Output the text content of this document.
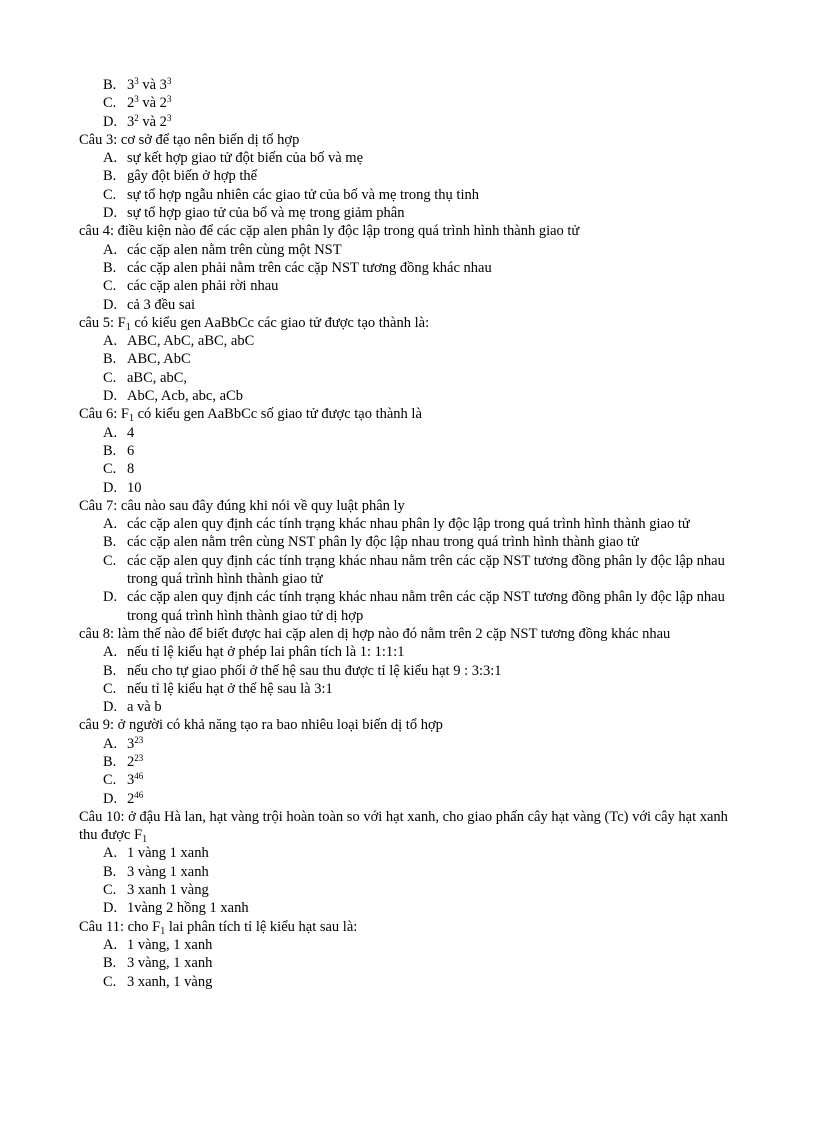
B. $3^3$ và $3^3$
C. $2^3$ và $2^3$
D. $3^2$ và $2^3$
Câu 3: cơ sở để tạo nên biến dị tổ hợp
A. sự kết hợp giao tử đột biến của bố và mẹ
B. gây đột biến ở hợp thể
C. sự tổ hợp ngẫu nhiên các giao tử của bố và mẹ trong thụ tinh
D. sự tổ hợp giao tử của bố và mẹ trong giảm phân
câu 4: điều kiện nào để các cặp alen phân ly độc lập trong quá trình hình thành giao tử
A. các cặp alen nằm trên cùng một NST
B. các cặp alen phải nằm trên các cặp NST tương đồng khác nhau
C. các cặp alen phải rời nhau
D. cả 3 đều sai
câu 5: $F_1$ có kiểu gen AaBbCc các giao tử được tạo thành là:
A. ABC, AbC, aBC, abC
B. ABC, AbC
C. aBC, abC,
D. AbC, Acb, abc, aCb
Câu 6: $F_1$ có kiểu gen AaBbCc số giao tử được tạo thành là
A. 4
B. 6
C. 8
D. 10
Câu 7: câu nào sau đây đúng khi nói về quy luật phân ly
A. các cặp alen quy định các tính trạng khác nhau phân ly độc lập trong quá trình hình thành giao tử
B. các cặp alen nằm trên cùng NST phân ly độc lập nhau trong quá trình hình thành giao tử
C. các cặp alen quy định các tính trạng khác nhau nằm trên các cặp NST tương đồng phân ly độc lập nhau trong quá trình hình thành giao tử
D. các cặp alen quy định các tính trạng khác nhau nằm trên các cặp NST tương đồng phân ly độc lập nhau trong quá trình hình thành giao tử dị hợp
câu 8: làm thế nào để biết được hai cặp alen dị hợp nào đó nằm trên 2 cặp NST tương đồng khác nhau
A. nếu tỉ lệ kiểu hạt ở phép lai phân tích là 1: 1:1:1
B. nếu cho tự giao phối ở thế hệ sau thu được tỉ lệ kiểu hạt 9 : 3:3:1
C. nếu tỉ lệ kiểu hạt ở thế hệ sau là 3:1
D. a và b
câu 9: ở người có khả năng tạo ra bao nhiêu loại biến dị tổ hợp
A. $3^{23}$
B. $2^{23}$
C. $3^{46}$
D. $2^{46}$
Câu 10: ở đậu Hà lan, hạt vàng trội hoàn toàn so với hạt xanh, cho giao phấn cây hạt vàng (Tc) với cây hạt xanh thu được $F_1$
A. 1 vàng 1 xanh
B. 3 vàng 1 xanh
C. 3 xanh 1 vàng
D. 1vàng 2 hồng 1 xanh
Câu 11: cho $F_1$ lai phân tích tỉ lệ kiểu hạt sau là:
A. 1 vàng, 1 xanh
B. 3 vàng, 1 xanh
C. 3 xanh, 1 vàng
